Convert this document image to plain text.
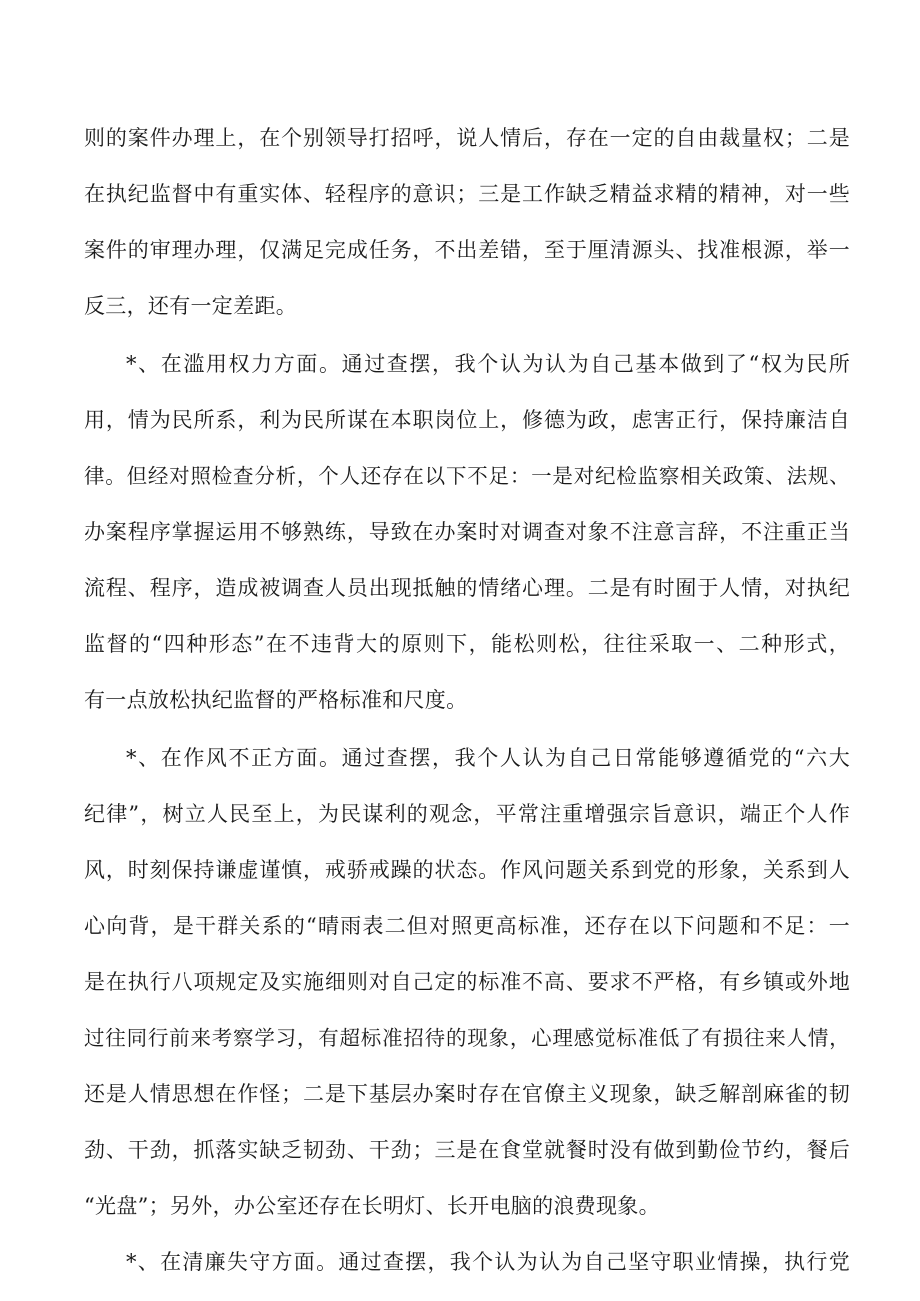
则的案件办理上，在个别领导打招呼，说人情后，存在一定的自由裁量权；二是
在执纪监督中有重实体、轻程序的意识；三是工作缺乏精益求精的精神，对一些
案件的审理办理，仅满足完成任务，不出差错，至于厘清源头、找准根源，举一
反三，还有一定差距。
*、在滥用权力方面。通过查摆，我个认为认为自己基本做到了“权为民所
用，情为民所系，利为民所谋在本职岗位上，修德为政，虑害正行，保持廉洁自
律。但经对照检查分析，个人还存在以下不足：一是对纪检监察相关政策、法规、
办案程序掌握运用不够熟练，导致在办案时对调查对象不注意言辞，不注重正当
流程、程序，造成被调查人员出现抵触的情绪心理。二是有时囿于人情，对执纪
监督的“四种形态”在不违背大的原则下，能松则松，往往采取一、二种形式，
有一点放松执纪监督的严格标准和尺度。
*、在作风不正方面。通过查摆，我个人认为自己日常能够遵循党的“六大
纪律”，树立人民至上，为民谋利的观念，平常注重增强宗旨意识，端正个人作
风，时刻保持谦虚谨慎，戒骄戒躁的状态。作风问题关系到党的形象，关系到人
心向背，是干群关系的“晴雨表二但对照更高标准，还存在以下问题和不足：一
是在执行八项规定及实施细则对自己定的标准不高、要求不严格，有乡镇或外地
过往同行前来考察学习，有超标准招待的现象，心理感觉标准低了有损往来人情，
还是人情思想在作怪；二是下基层办案时存在官僚主义现象，缺乏解剖麻雀的韧
劲、干劲，抓落实缺乏韧劲、干劲；三是在食堂就餐时没有做到勤俭节约，餐后
“光盘”；另外，办公室还存在长明灯、长开电脑的浪费现象。
*、在清廉失守方面。通过查摆，我个认为认为自己坚守职业情操，执行党
